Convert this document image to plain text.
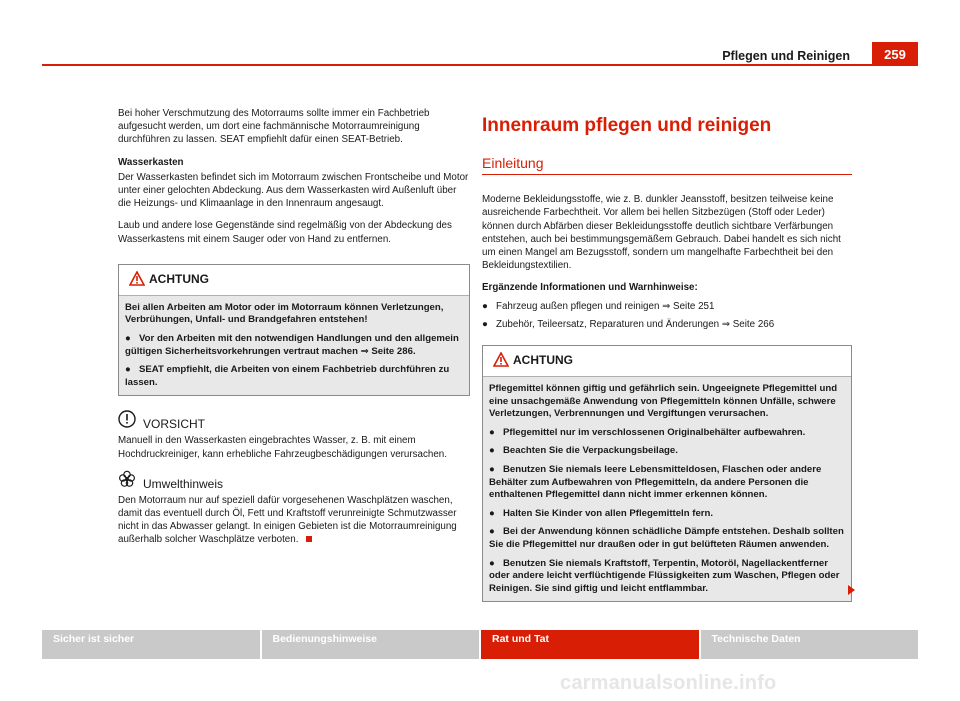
Pflegen und Reinigen	259

Bei hoher Verschmutzung des Motorraums sollte immer ein Fachbetrieb aufgesucht werden, um dort eine fachmännische Motorraumreinigung durchführen zu lassen. SEAT empfiehlt dafür einen SEAT-Betrieb.

Wasserkasten

Der Wasserkasten befindet sich im Motorraum zwischen Frontscheibe und Motor unter einer gelochten Abdeckung. Aus dem Wasserkasten wird Außenluft über die Heizungs- und Klimaanlage in den Innenraum angesaugt.

Laub und andere lose Gegenstände sind regelmäßig von der Abdeckung des Wasserkastens mit einem Sauger oder von Hand zu entfernen.

ACHTUNG

Bei allen Arbeiten am Motor oder im Motorraum können Verletzungen, Verbrühungen, Unfall- und Brandgefahren entstehen!

● Vor den Arbeiten mit den notwendigen Handlungen und den allgemein gültigen Sicherheitsvorkehrungen vertraut machen ⇒ Seite 286.

● SEAT empfiehlt, die Arbeiten von einem Fachbetrieb durchführen zu lassen.

VORSICHT

Manuell in den Wasserkasten eingebrachtes Wasser, z. B. mit einem Hochdruckreiniger, kann erhebliche Fahrzeugbeschädigungen verursachen.

Umwelthinweis

Den Motorraum nur auf speziell dafür vorgesehenen Waschplätzen waschen, damit das eventuell durch Öl, Fett und Kraftstoff verunreinigte Schmutzwasser nicht in das Abwasser gelangt. In einigen Gebieten ist die Motorraumreinigung außerhalb solcher Waschplätze verboten.

Innenraum pflegen und reinigen
Einleitung

Moderne Bekleidungsstoffe, wie z. B. dunkler Jeansstoff, besitzen teilweise keine ausreichende Farbechtheit. Vor allem bei hellen Sitzbezügen (Stoff oder Leder) können durch Abfärben dieser Bekleidungsstoffe deutlich sichtbare Verfärbungen entstehen, auch bei bestimmungsgemäßem Gebrauch. Dabei handelt es sich nicht um einen Mangel am Bezugsstoff, sondern um mangelhafte Farbechtheit bei den Bekleidungstextilien.

Ergänzende Informationen und Warnhinweise:

● Fahrzeug außen pflegen und reinigen ⇒ Seite 251

● Zubehör, Teileersatz, Reparaturen und Änderungen ⇒ Seite 266

ACHTUNG

Pflegemittel können giftig und gefährlich sein. Ungeeignete Pflegemittel und eine unsachgemäße Anwendung von Pflegemitteln können Unfälle, schwere Verletzungen, Verbrennungen und Vergiftungen verursachen.

● Pflegemittel nur im verschlossenen Originalbehälter aufbewahren.

● Beachten Sie die Verpackungsbeilage.

● Benutzen Sie niemals leere Lebensmitteldosen, Flaschen oder andere Behälter zum Aufbewahren von Pflegemitteln, da andere Personen die enthaltenen Pflegemittel dann nicht immer erkennen können.

● Halten Sie Kinder von allen Pflegemitteln fern.

● Bei der Anwendung können schädliche Dämpfe entstehen. Deshalb sollten Sie die Pflegemittel nur draußen oder in gut belüfteten Räumen anwenden.

● Benutzen Sie niemals Kraftstoff, Terpentin, Motoröl, Nagellackentferner oder andere leicht verflüchtigende Flüssigkeiten zum Waschen, Pflegen oder Reinigen. Sie sind giftig und leicht entflammbar.

Sicher ist sicher	Bedienungshinweise	Rat und Tat	Technische Daten
carmanualsonline.info
